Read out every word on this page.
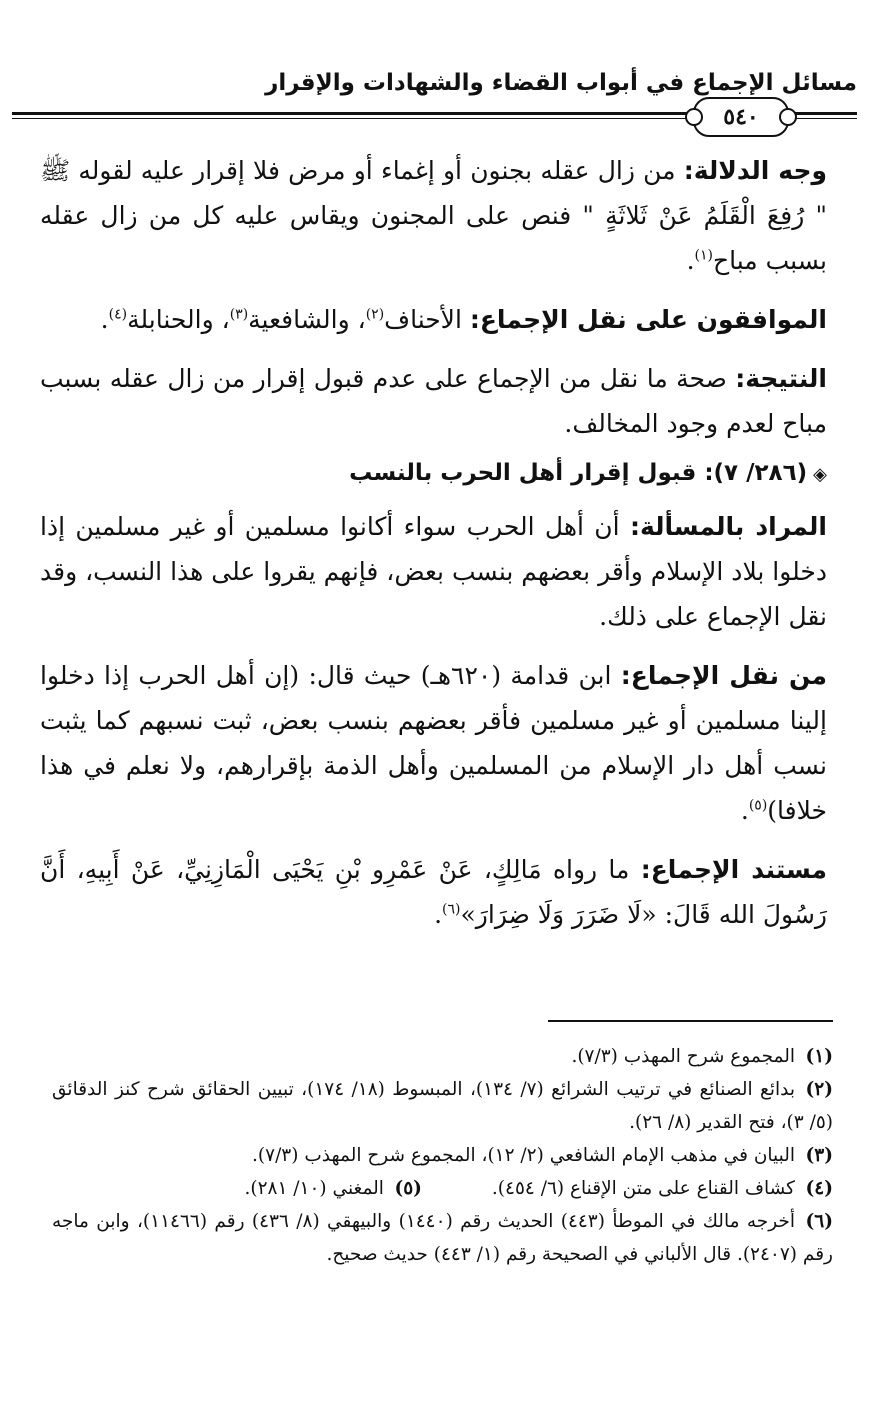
مسائل الإجماع في أبواب القضاء والشهادات والإقرار
٥٤٠

وجه الدلالة: من زال عقله بجنون أو إغماء أو مرض فلا إقرار عليه لقوله ﷺ " رُفِعَ الْقَلَمُ عَنْ ثَلاثَةٍ " فنص على المجنون ويقاس عليه كل من زال عقله بسبب مباح$^{(١)}$.

الموافقون على نقل الإجماع: الأحناف$^{(٢)}$، والشافعية$^{(٣)}$، والحنابلة$^{(٤)}$.

النتيجة: صحة ما نقل من الإجماع على عدم قبول إقرار من زال عقله بسبب مباح لعدم وجود المخالف.

◈(٢٨٦/ ٧): قبول إقرار أهل الحرب بالنسب

المراد بالمسألة: أن أهل الحرب سواء أكانوا مسلمين أو غير مسلمين إذا دخلوا بلاد الإسلام وأقر بعضهم بنسب بعض، فإنهم يقروا على هذا النسب، وقد نقل الإجماع على ذلك.

من نقل الإجماع: ابن قدامة (٦٢٠هـ) حيث قال: (إن أهل الحرب إذا دخلوا إلينا مسلمين أو غير مسلمين فأقر بعضهم بنسب بعض، ثبت نسبهم كما يثبت نسب أهل دار الإسلام من المسلمين وأهل الذمة بإقرارهم، ولا نعلم في هذا خلافا)$^{(٥)}$.

مستند الإجماع: ما رواه مَالِكٍ، عَنْ عَمْرِو بْنِ يَحْيَى الْمَازِنِيِّ، عَنْ أَبِيهِ، أَنَّ رَسُولَ الله قَالَ: «لَا ضَرَرَ وَلَا ضِرَارَ»$^{(٦)}$.

(١)المجموع شرح المهذب (٧/٣).

(٢)بدائع الصنائع في ترتيب الشرائع (٧/ ١٣٤)، المبسوط (١٨/ ١٧٤)، تبيين الحقائق شرح كنز الدقائق (٥/ ٣)، فتح القدير (٨/ ٢٦).

(٣)البيان في مذهب الإمام الشافعي (٢/ ١٢)، المجموع شرح المهذب (٧/٣).

(٤)كشاف القناع على متن الإقناع (٦/ ٤٥٤).
(٥)المغني (١٠/ ٢٨١).

(٦)أخرجه مالك في الموطأ (٤٤٣) الحديث رقم (١٤٤٠) والبيهقي (٨/ ٤٣٦) رقم (١١٤٦٦)، وابن ماجه رقم (٢٤٠٧). قال الألباني في الصحيحة رقم (١/ ٤٤٣) حديث صحيح.
